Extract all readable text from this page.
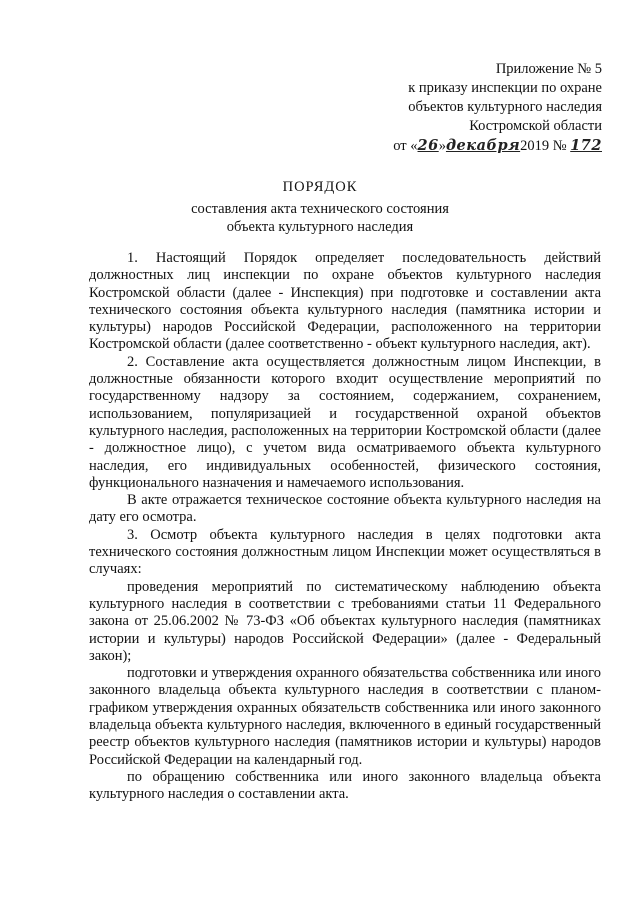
Приложение № 5
к приказу инспекции по охране
объектов культурного наследия
Костромской области
от «26»декабря2019 № 172
ПОРЯДОК
составления акта технического состояния
объекта культурного наследия

1. Настоящий Порядок определяет последовательность действий должностных лиц инспекции по охране объектов культурного наследия Костромской области (далее - Инспекция) при подготовке и составлении акта технического состояния объекта культурного наследия (памятника истории и культуры) народов Российской Федерации, расположенного на территории Костромской области (далее соответственно - объект культурного наследия, акт).

2. Составление акта осуществляется должностным лицом Инспекции, в должностные обязанности которого входит осуществление мероприятий по государственному надзору за состоянием, содержанием, сохранением, использованием, популяризацией и государственной охраной объектов культурного наследия, расположенных на территории Костромской области (далее - должностное лицо), с учетом вида осматриваемого объекта культурного наследия, его индивидуальных особенностей, физического состояния, функционального назначения и намечаемого использования.

В акте отражается техническое состояние объекта культурного наследия на дату его осмотра.

3. Осмотр объекта культурного наследия в целях подготовки акта технического состояния должностным лицом Инспекции может осуществляться в случаях:

проведения мероприятий по систематическому наблюдению объекта культурного наследия в соответствии с требованиями статьи 11 Федерального закона от 25.06.2002 № 73-ФЗ «Об объектах культурного наследия (памятниках истории и культуры) народов Российской Федерации» (далее - Федеральный закон);

подготовки и утверждения охранного обязательства собственника или иного законного владельца объекта культурного наследия в соответствии с планом-графиком утверждения охранных обязательств собственника или иного законного владельца объекта культурного наследия, включенного в единый государственный реестр объектов культурного наследия (памятников истории и культуры) народов Российской Федерации на календарный год.

по обращению собственника или иного законного владельца объекта культурного наследия о составлении акта.
